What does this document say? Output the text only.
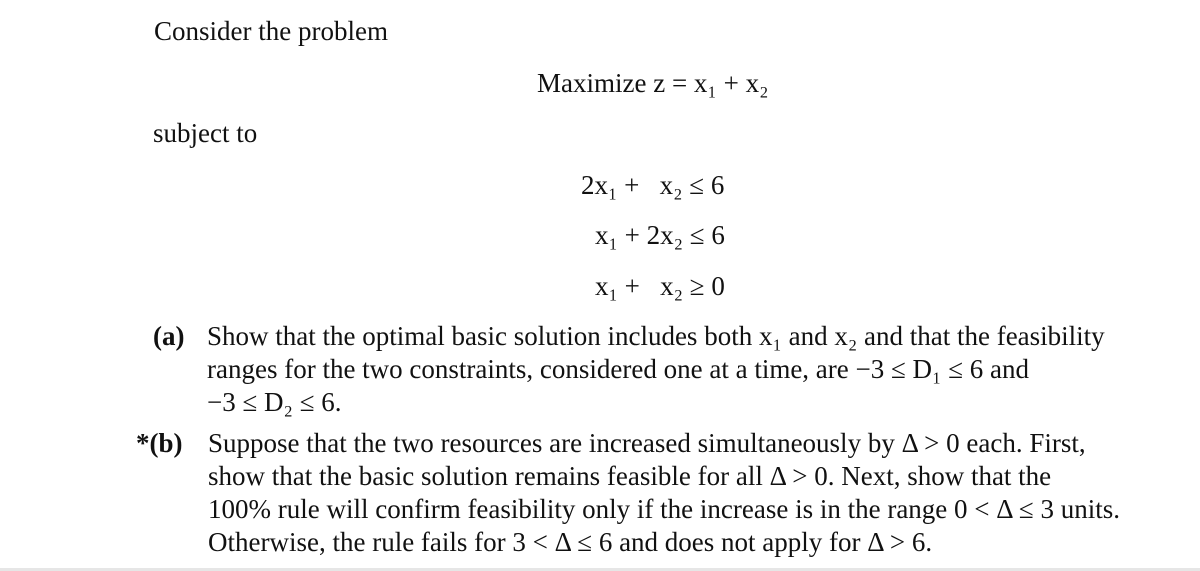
Consider the problem
Maximize z = x₁ + x₂
subject to
2x₁ +   x₂ ≤ 6
x₁ + 2x₂ ≤ 6
x₁ +   x₂ ≥ 0
(a) Show that the optimal basic solution includes both x₁ and x₂ and that the feasibility
ranges for the two constraints, considered one at a time, are −3 ≤ D₁ ≤ 6 and
−3 ≤ D₂ ≤ 6.
*(b) Suppose that the two resources are increased simultaneously by Δ > 0 each. First,
show that the basic solution remains feasible for all Δ > 0. Next, show that the
100% rule will confirm feasibility only if the increase is in the range 0 < Δ ≤ 3 units.
Otherwise, the rule fails for 3 < Δ ≤ 6 and does not apply for Δ > 6.
